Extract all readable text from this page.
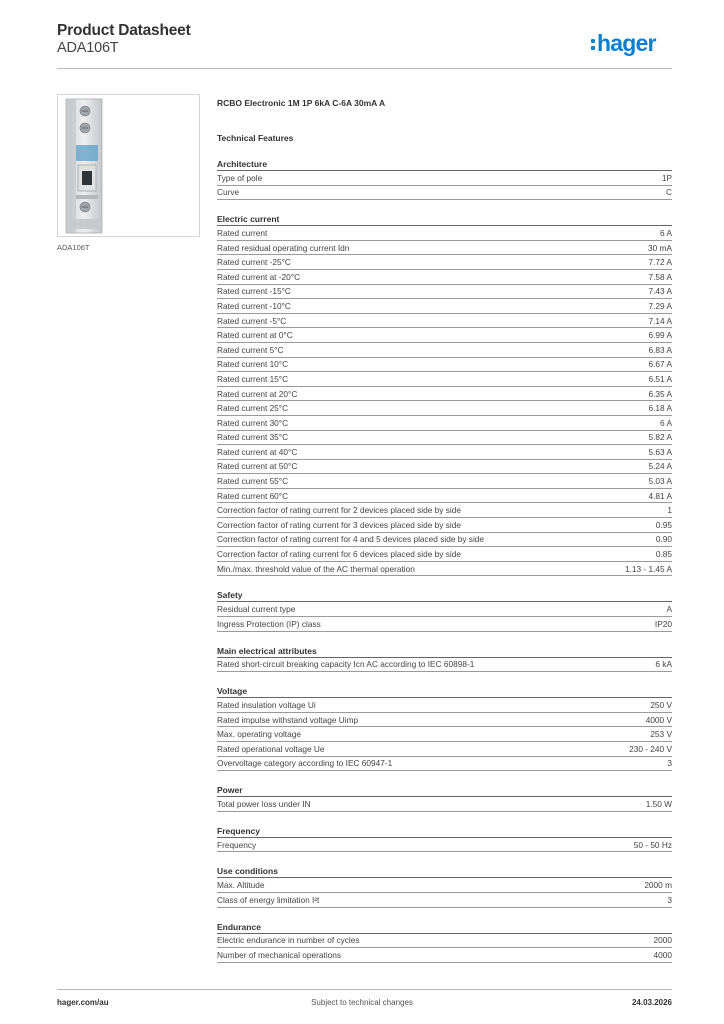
Product Datasheet
ADA106T	hager
ADA106T
RCBO Electronic 1M 1P 6kA C-6A 30mA A
Technical Features
Architecture
Type of pole	1P
Curve	C
Electric current
Rated current	6 A
Rated residual operating current Idn	30 mA
Rated current -25°C	7.72 A
Rated current at -20°C	7.58 A
Rated current -15°C	7.43 A
Rated current -10°C	7.29 A
Rated current -5°C	7.14 A
Rated current at 0°C	6.99 A
Rated current 5°C	6.83 A
Rated current 10°C	6.67 A
Rated current 15°C	6.51 A
Rated current at 20°C	6.35 A
Rated current 25°C	6.18 A
Rated current 30°C	6 A
Rated current 35°C	5.82 A
Rated current at 40°C	5.63 A
Rated current at 50°C	5.24 A
Rated current 55°C	5.03 A
Rated current 60°C	4.81 A
Correction factor of rating current for 2 devices placed side by side	1
Correction factor of rating current for 3 devices placed side by side	0.95
Correction factor of rating current for 4 and 5 devices placed side by side	0.90
Correction factor of rating current for 6 devices placed side by side	0.85
Min./max. threshold value of the AC thermal operation	1.13 - 1.45 A
Safety
Residual current type	A
Ingress Protection (IP) class	IP20
Main electrical attributes
Rated short-circuit breaking capacity Icn AC according to IEC 60898-1	6 kA
Voltage
Rated insulation voltage Ui	250 V
Rated impulse withstand voltage Uimp	4000 V
Max. operating voltage	253 V
Rated operational voltage Ue	230 - 240 V
Overvoltage category according to IEC 60947-1	3
Power
Total power loss under IN	1.50 W
Frequency
Frequency	50 - 50 Hz
Use conditions
Max. Altitude	2000 m
Class of energy limitation I²t	3
Endurance
Electric endurance in number of cycles	2000
Number of mechanical operations	4000
hager.com/au	Subject to technical changes	24.03.2026
